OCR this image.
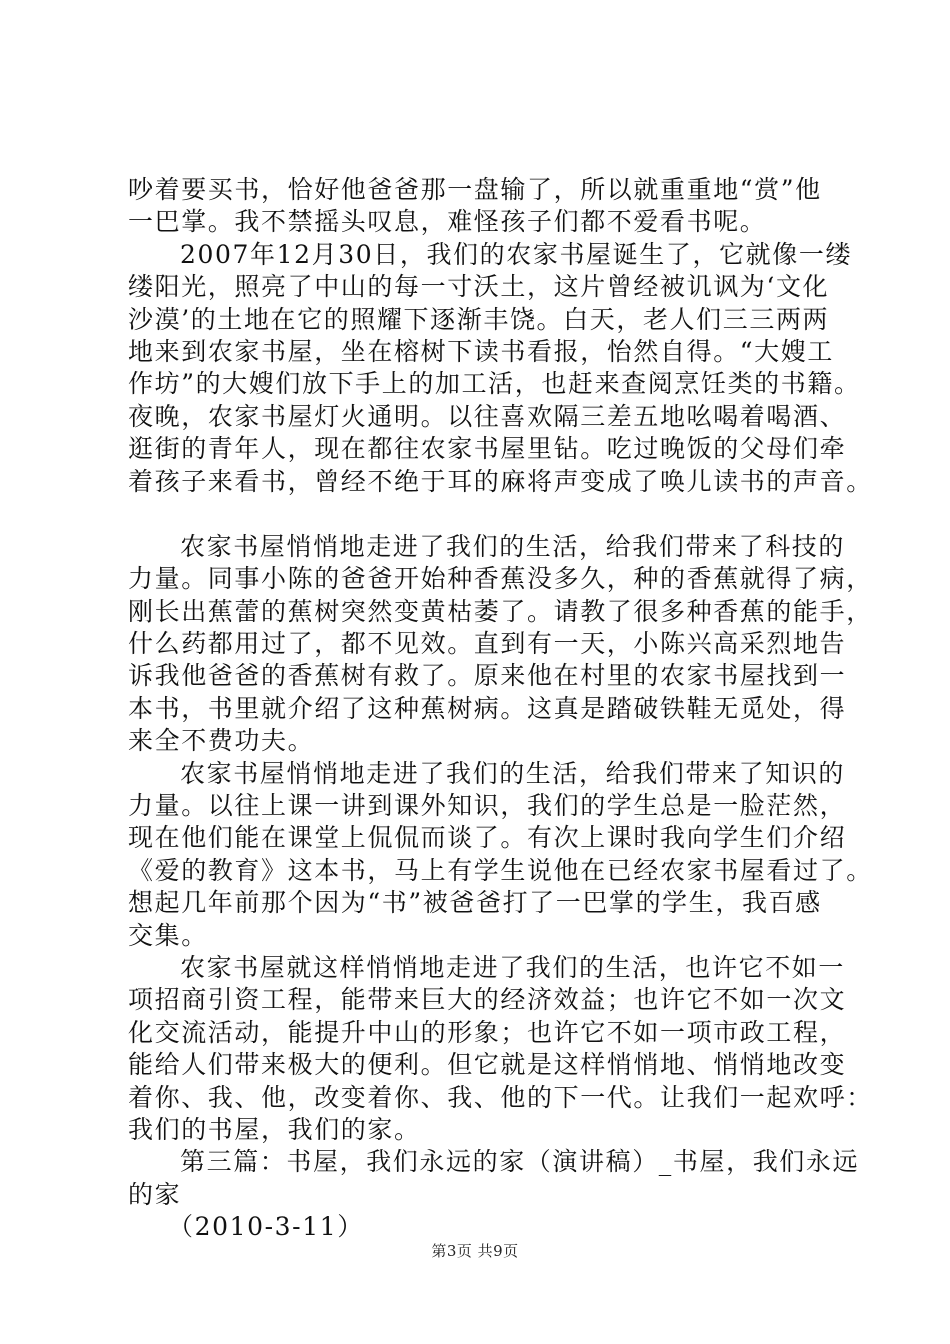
吵着要买书，恰好他爸爸那一盘输了，所以就重重地“赏”他
一巴掌。我不禁摇头叹息，难怪孩子们都不爱看书呢。
2007年12月30日，我们的农家书屋诞生了，它就像一缕
缕阳光，照亮了中山的每一寸沃土，这片曾经被讥讽为‘文化
沙漠’的土地在它的照耀下逐渐丰饶。白天，老人们三三两两
地来到农家书屋，坐在榕树下读书看报，怡然自得。“大嫂工
作坊”的大嫂们放下手上的加工活，也赶来查阅烹饪类的书籍。
夜晚，农家书屋灯火通明。以往喜欢隔三差五地吆喝着喝酒、
逛街的青年人，现在都往农家书屋里钻。吃过晚饭的父母们牵
着孩子来看书，曾经不绝于耳的麻将声变成了唤儿读书的声音。
农家书屋悄悄地走进了我们的生活，给我们带来了科技的
力量。同事小陈的爸爸开始种香蕉没多久，种的香蕉就得了病，
刚长出蕉蕾的蕉树突然变黄枯萎了。请教了很多种香蕉的能手，
什么药都用过了，都不见效。直到有一天，小陈兴高采烈地告
诉我他爸爸的香蕉树有救了。原来他在村里的农家书屋找到一
本书，书里就介绍了这种蕉树病。这真是踏破铁鞋无觅处，得
来全不费功夫。
农家书屋悄悄地走进了我们的生活，给我们带来了知识的
力量。以往上课一讲到课外知识，我们的学生总是一脸茫然，
现在他们能在课堂上侃侃而谈了。有次上课时我向学生们介绍
《爱的教育》这本书，马上有学生说他在已经农家书屋看过了。
想起几年前那个因为“书”被爸爸打了一巴掌的学生，我百感
交集。
农家书屋就这样悄悄地走进了我们的生活，也许它不如一
项招商引资工程，能带来巨大的经济效益；也许它不如一次文
化交流活动，能提升中山的形象；也许它不如一项市政工程，
能给人们带来极大的便利。但它就是这样悄悄地、悄悄地改变
着你、我、他，改变着你、我、他的下一代。让我们一起欢呼：
我们的书屋，我们的家。
第三篇：书屋，我们永远的家（演讲稿）_书屋，我们永远
的家
（2010-3-11）
第3页 共9页
